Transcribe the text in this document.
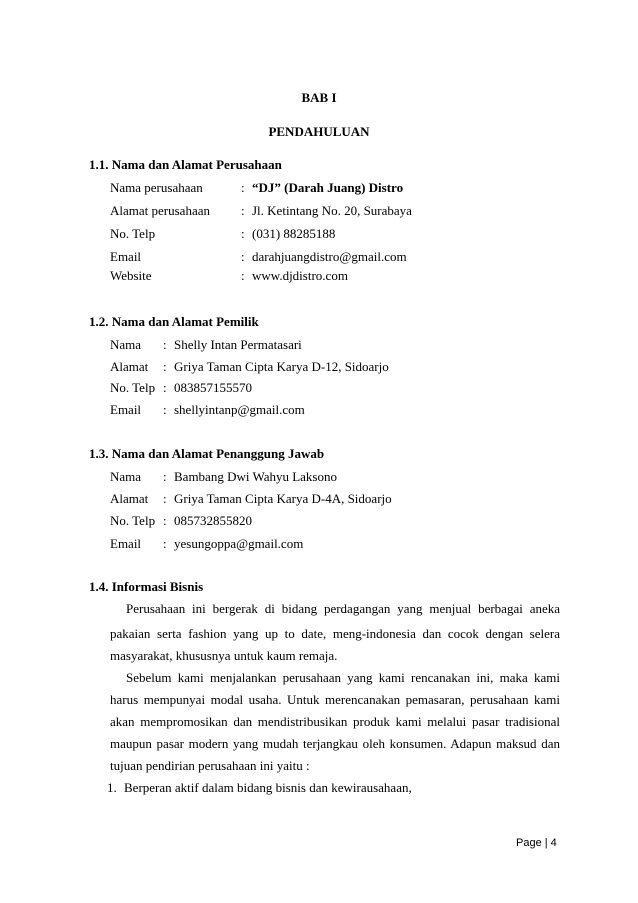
BAB I
PENDAHULUAN
1.1. Nama dan Alamat Perusahaan
Nama perusahaan	: “DJ” (Darah Juang) Distro
Alamat perusahaan : Jl. Ketintang No. 20, Surabaya
No. Telp	: (031) 88285188
Email	: darahjuangdistro@gmail.com
Website	: www.djdistro.com
1.2. Nama dan Alamat Pemilik
Nama : Shelly Intan Permatasari
Alamat : Griya Taman Cipta Karya D-12, Sidoarjo
No. Telp : 083857155570
Email : shellyintanp@gmail.com
1.3. Nama dan Alamat Penanggung Jawab
Nama : Bambang Dwi Wahyu Laksono
Alamat : Griya Taman Cipta Karya D-4A, Sidoarjo
No. Telp : 085732855820
Email : yesungoppa@gmail.com
1.4. Informasi Bisnis
Perusahaan ini bergerak di bidang perdagangan yang menjual berbagai aneka
pakaian serta fashion yang up to date, meng-indonesia dan cocok dengan selera
masyarakat, khususnya untuk kaum remaja.
Sebelum kami menjalankan perusahaan yang kami rencanakan ini, maka kami
harus mempunyai modal usaha. Untuk merencanakan pemasaran, perusahaan kami
akan mempromosikan dan mendistribusikan produk kami melalui pasar tradisional
maupun pasar modern yang mudah terjangkau oleh konsumen. Adapun maksud dan
tujuan pendirian perusahaan ini yaitu :
1. Berperan aktif dalam bidang bisnis dan kewirausahaan,
Page | 4
